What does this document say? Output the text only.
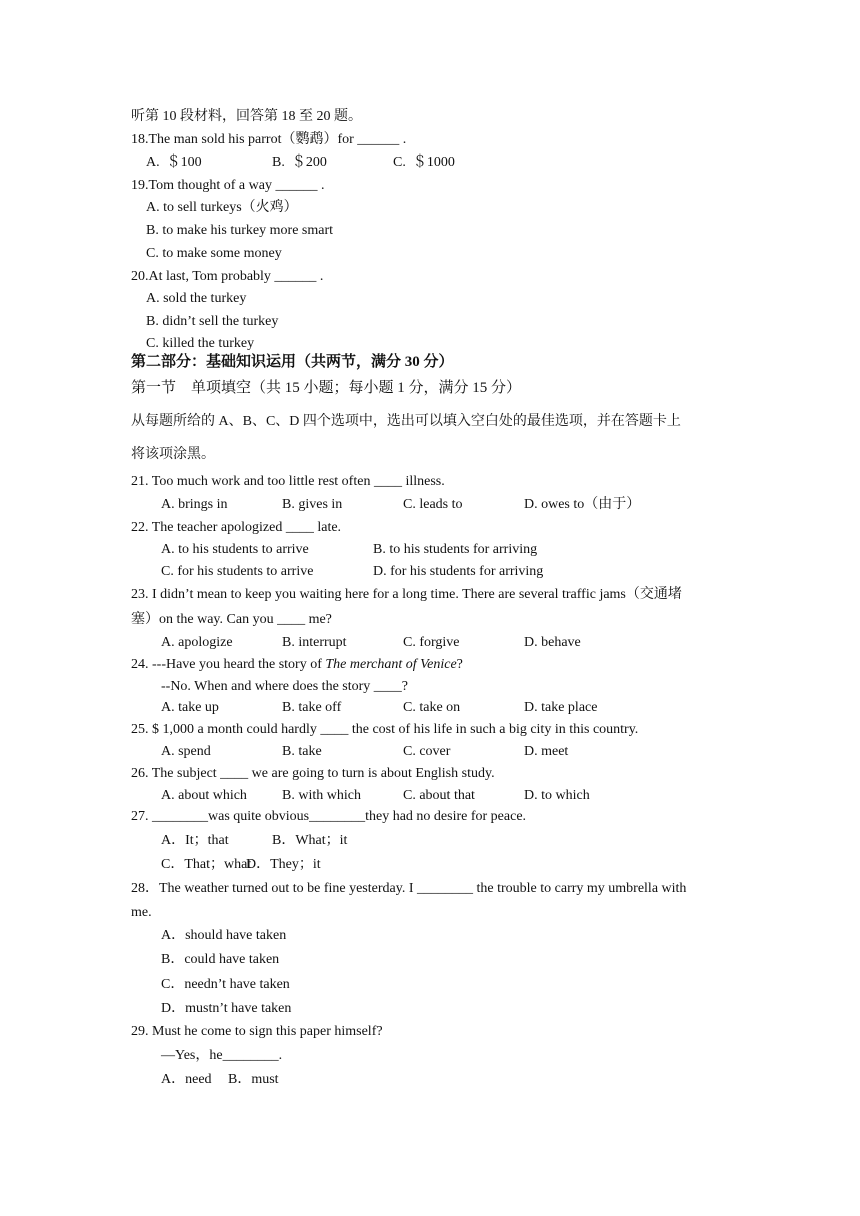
听第 10 段材料，回答第 18 至 20 题。
18.The man sold his parrot（鹦鹉）for ______ .
A.  ＄100	B.  ＄200	C.  ＄1000
19.Tom thought of a way ______ .
A. to sell turkeys（火鸡）
B. to make his turkey more smart
C. to make some money
20.At last, Tom probably ______ .
A. sold the turkey
B. didn’t sell the turkey
C. killed the turkey
第二部分：基础知识运用（共两节，满分 30 分）
第一节    单项填空（共 15 小题；每小题 1 分，满分 15 分）
从每题所给的 A、B、C、D 四个选项中，选出可以填入空白处的最佳选项，并在答题卡上
将该项涂黑。
21. Too much work and too little rest often ____ illness.
A. brings in	B. gives in	C. leads to	D. owes to（由于）
22. The teacher apologized ____ late.
A. to his students to arrive	B. to his students for arriving
C. for his students to arrive	D. for his students for arriving
23. I didn’t mean to keep you waiting here for a long time. There are several traffic jams（交通堵
塞）on the way. Can you ____ me?
A. apologize	B. interrupt	C. forgive	D. behave
24. ---Have you heard the story of The merchant of Venice?
--No. When and where does the story ____?
A. take up	B. take off	C. take on	D. take place
25. $ 1,000 a month could hardly ____ the cost of his life in such a big city in this country.
A. spend	B. take	C. cover	D. meet
26. The subject ____ we are going to turn is about English study.
A. about which	B. with which	C. about that	D. to which
27. ________was quite obvious________they had no desire for peace.
A．It；that	B．What；it
C．That；what
D．They；it
28．The weather turned out to be fine yesterday. I ________ the trouble to carry my umbrella with
me.
A．should have taken
B．could have taken
C．needn’t have taken
D．mustn’t have taken
29. Must he come to sign this paper himself?
—Yes，he________.
A．need B．must
